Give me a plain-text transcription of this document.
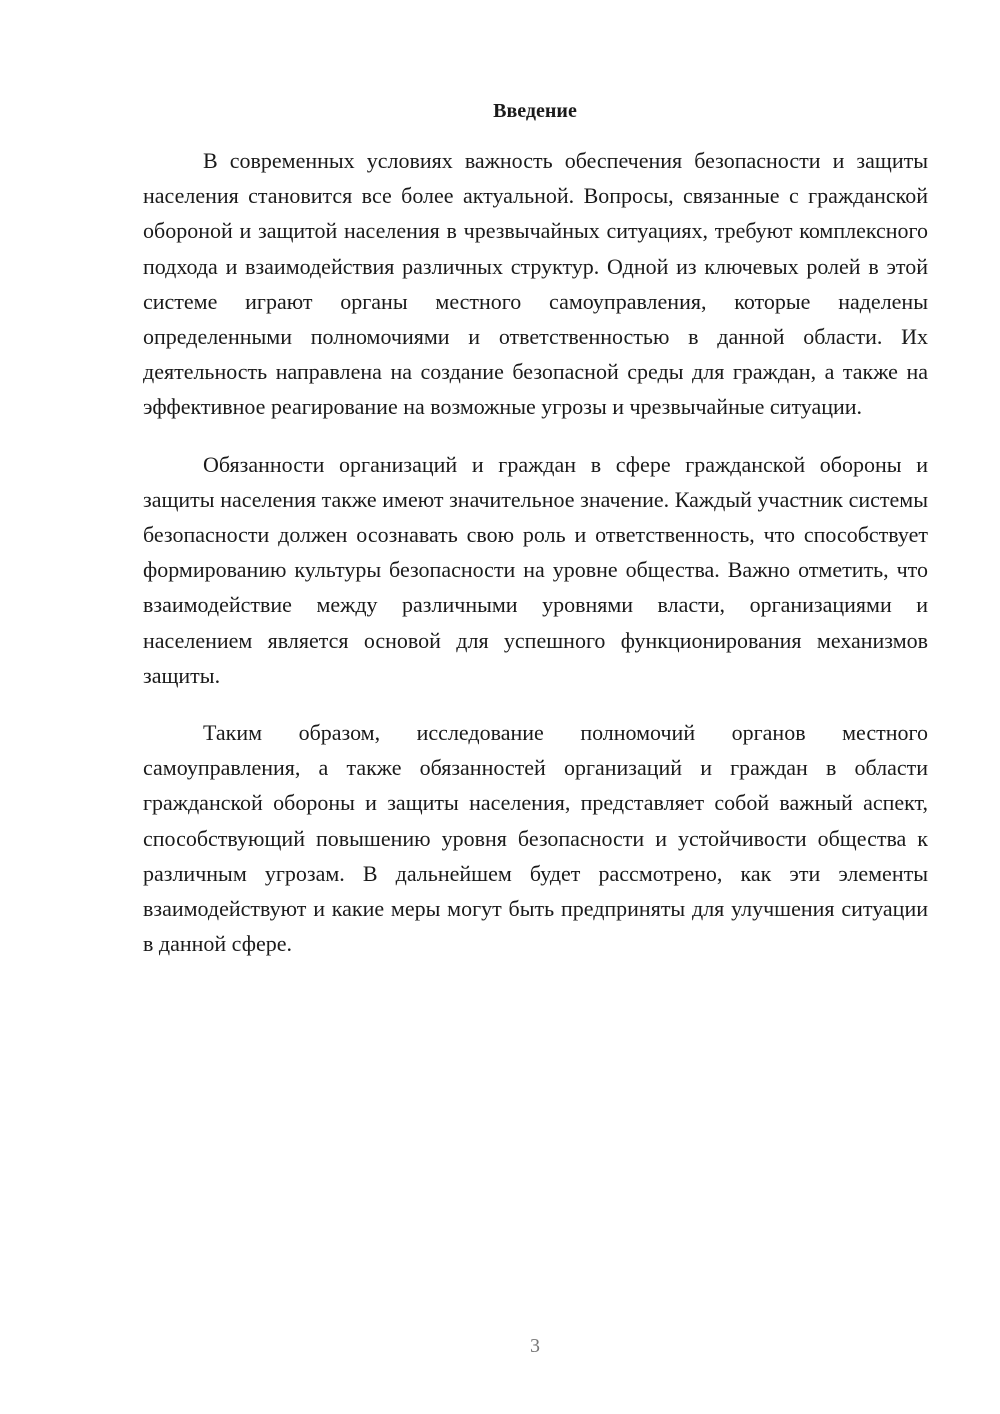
Введение

В современных условиях важность обеспечения безопасности и защиты населения становится все более актуальной. Вопросы, связанные с гражданской обороной и защитой населения в чрезвычайных ситуациях, требуют комплексного подхода и взаимодействия различных структур. Одной из ключевых ролей в этой системе играют органы местного самоуправления, которые наделены определенными полномочиями и ответственностью в данной области. Их деятельность направлена на создание безопасной среды для граждан, а также на эффективное реагирование на возможные угрозы и чрезвычайные ситуации.

Обязанности организаций и граждан в сфере гражданской обороны и защиты населения также имеют значительное значение. Каждый участник системы безопасности должен осознавать свою роль и ответственность, что способствует формированию культуры безопасности на уровне общества. Важно отметить, что взаимодействие между различными уровнями власти, организациями и населением является основой для успешного функционирования механизмов защиты.

Таким образом, исследование полномочий органов местного самоуправления, а также обязанностей организаций и граждан в области гражданской обороны и защиты населения, представляет собой важный аспект, способствующий повышению уровня безопасности и устойчивости общества к различным угрозам. В дальнейшем будет рассмотрено, как эти элементы взаимодействуют и какие меры могут быть предприняты для улучшения ситуации в данной сфере.

3
